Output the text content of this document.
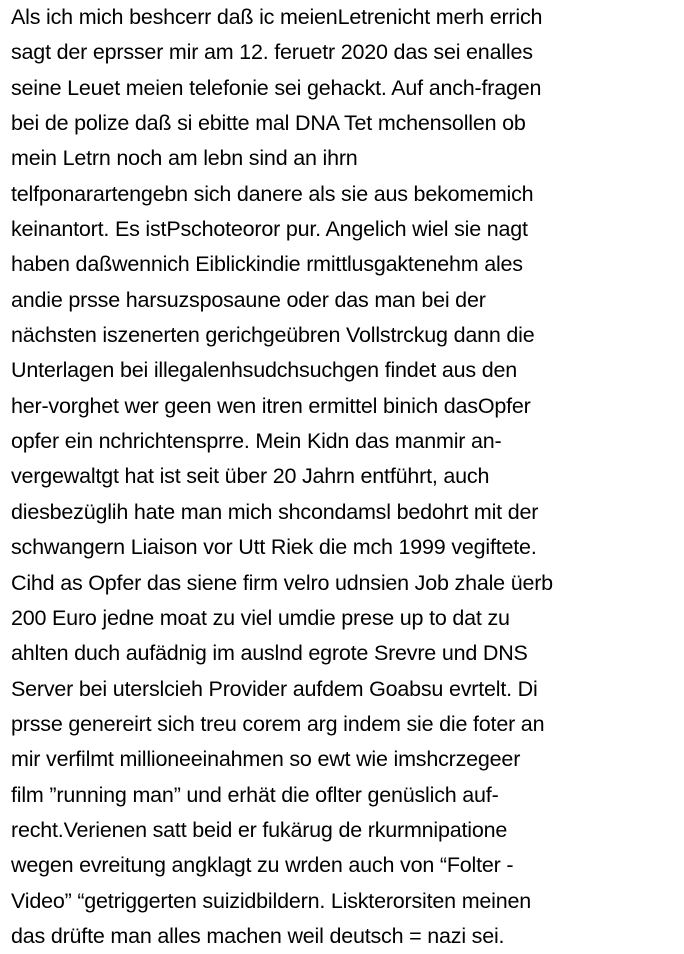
Als ich mich beshcerr daß ic meienLetrenicht merh errich
sagt der eprsser mir am 12. feruetr 2020 das sei enalles
seine Leuet meien telefonie sei gehackt. Auf anch-fragen
bei de polize daß si ebitte mal DNA Tet mchensollen ob
mein Letrn noch am lebn sind an ihrn
telfponarartengebn sich danere als sie aus bekomemich
keinantort. Es istPschoteoror pur. Angelich wiel sie nagt
haben daßwennich Eiblickindie rmittlusgaktenehm ales
andie prsse harsuzsposaune oder das man bei der
nächsten iszenerten gerichgeübren Vollstrckug dann die
Unterlagen bei illegalenhsudchsuchgen findet aus den
her-vorghet wer geen wen itren ermittel binich dasOpfer
opfer ein nchrichtensprre. Mein Kidn das manmir an-
vergewaltgt hat ist seit über 20 Jahrn entführt, auch
diesbezüglih hate man mich shcondamsl bedohrt mit der
schwangern Liaison vor Utt Riek die mch 1999 vegiftete.
Cihd as Opfer das siene firm velro udnsien Job zhale üerb
200 Euro jedne moat zu viel umdie prese up to dat zu
ahlten duch aufädnig im auslnd egrote Srevre und DNS
Server bei uterslcieh Provider aufdem Goabsu evrtelt. Di
prsse genereirt sich treu corem arg indem sie die foter an
mir verfilmt millioneeinahmen so ewt wie imshcrzegeer
film ”running man” und erhät die oflter genüslich auf-
recht.Verienen satt beid er fukärug de rkurmnipatione
wegen evreitung angklagt zu wrden auch von “Folter -
Video” “getriggerten suizidbildern. Liskterorsiten meinen
das drüfte man alles machen weil deutsch = nazi sei.
